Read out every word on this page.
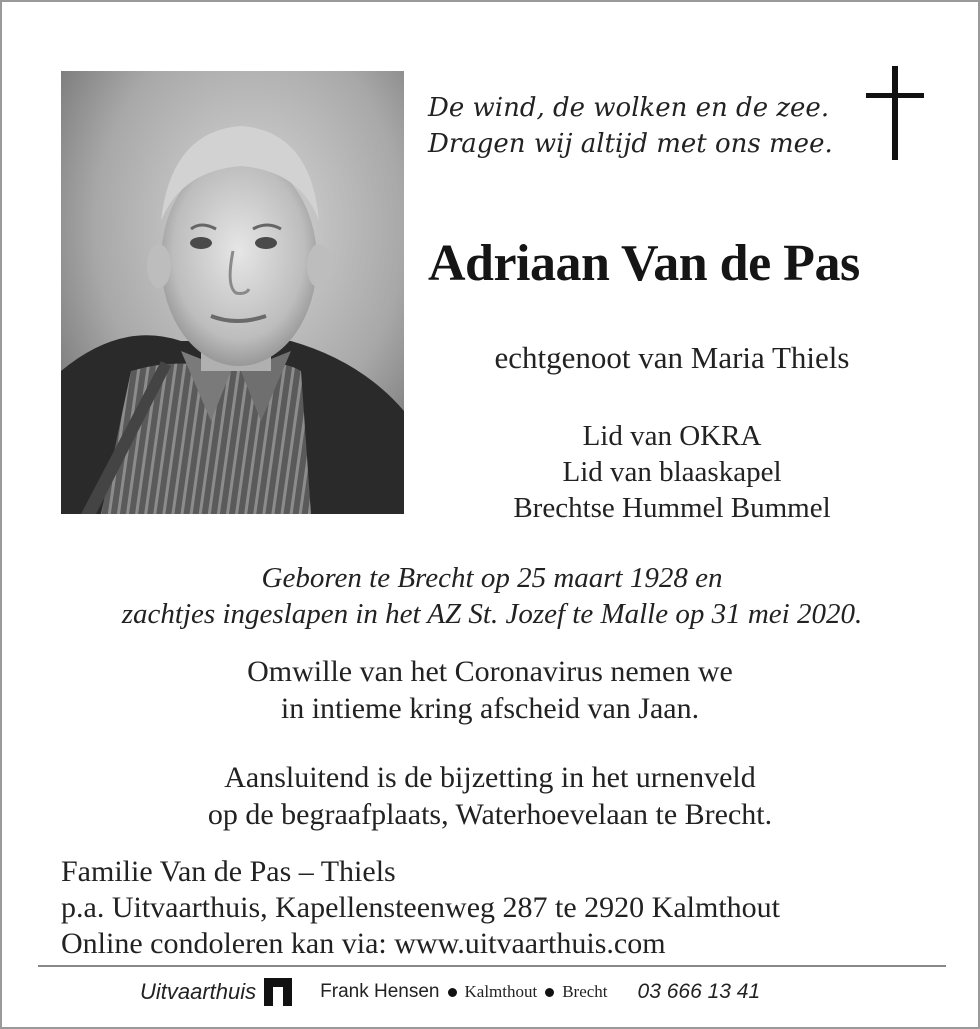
De wind, de wolken en de zee.
Dragen wij altijd met ons mee.
Adriaan Van de Pas
echtgenoot van Maria Thiels
Lid van OKRA
Lid van blaaskapel
Brechtse Hummel Bummel
Geboren te Brecht op 25 maart 1928 en
zachtjes ingeslapen in het AZ St. Jozef te Malle op 31 mei 2020.
Omwille van het Coronavirus nemen we
in intieme kring afscheid van Jaan.
Aansluitend is de bijzetting in het urnenveld
op de begraafplaats, Waterhoevelaan te Brecht.
Familie Van de Pas – Thiels
p.a. Uitvaarthuis, Kapellensteenweg 287 te 2920 Kalmthout
Online condoleren kan via: www.uitvaarthuis.com
Uitvaarthuis	Frank Hensen Kalmthout Brecht 03 666 13 41
